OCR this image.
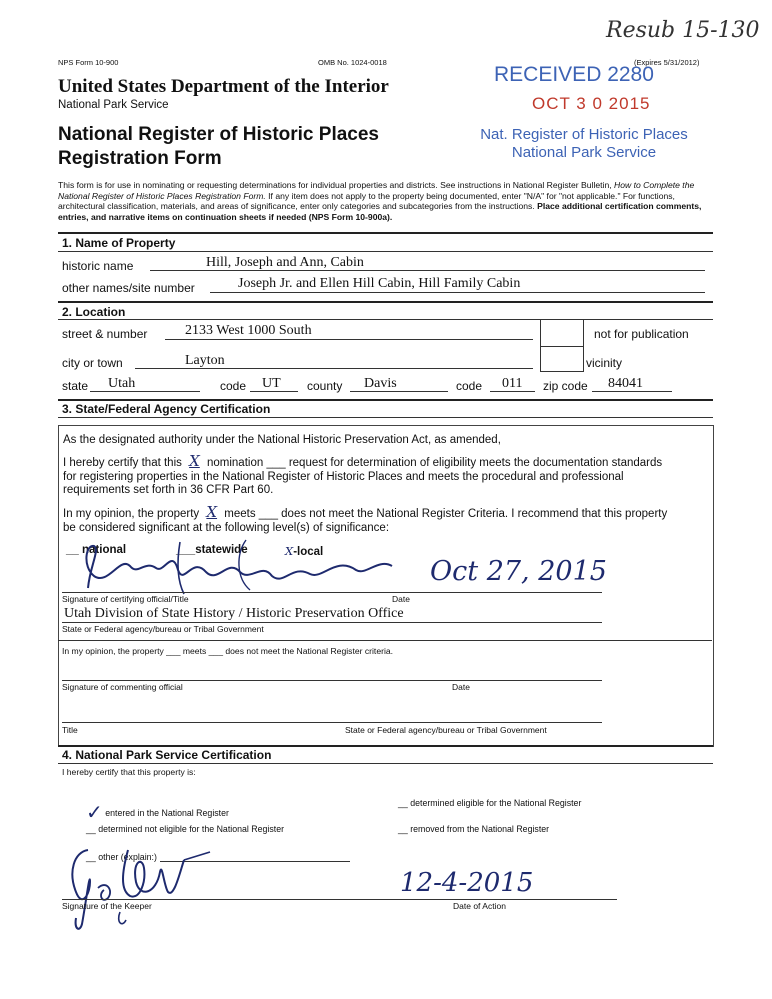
Resub 15-130
NPS Form 10-900	OMB No. 1024-0018	(Expires 5/31/2012)
United States Department of the Interior
National Park Service
National Register of Historic Places
Registration Form
RECEIVED 2280
OCT 3 0 2015
Nat. Register of Historic Places
National Park Service
This form is for use in nominating or requesting determinations for individual properties and districts. See instructions in National Register Bulletin, How to Complete the National Register of Historic Places Registration Form. If any item does not apply to the property being documented, enter "N/A" for "not applicable." For functions, architectural classification, materials, and areas of significance, enter only categories and subcategories from the instructions. Place additional certification comments, entries, and narrative items on continuation sheets if needed (NPS Form 10-900a).
1. Name of Property
historic name	Hill, Joseph and Ann, Cabin
other names/site number	Joseph Jr. and Ellen Hill Cabin, Hill Family Cabin
2. Location
street & number	2133 West 1000 South	not for publication
city or town	Layton	vicinity
state	Utah	code	UT	county	Davis	code	011	zip code	84041
3. State/Federal Agency Certification

As the designated authority under the National Historic Preservation Act, as amended,

I hereby certify that this X nomination ___ request for determination of eligibility meets the documentation standards
for registering properties in the National Register of Historic Places and meets the procedural and professional
requirements set forth in 36 CFR Part 60.
In my opinion, the property X meets ___ does not meet the National Register Criteria. I recommend that this property
be considered significant at the following level(s) of significance:
__ national	___statewide	X-local
Oct 27, 2015
Signature of certifying official/Title	Date
Utah Division of State History / Historic Preservation Office
State or Federal agency/bureau or Tribal Government
In my opinion, the property ___ meets ___ does not meet the National Register criteria.
Signature of commenting official	Date
Title	State or Federal agency/bureau or Tribal Government
4. National Park Service Certification
I hereby certify that this property is:
✓ entered in the National Register
__ determined eligible for the National Register
__ determined not eligible for the National Register	__ removed from the National Register
__ other (explain:)
12-4-2015
Signature of the Keeper	Date of Action
